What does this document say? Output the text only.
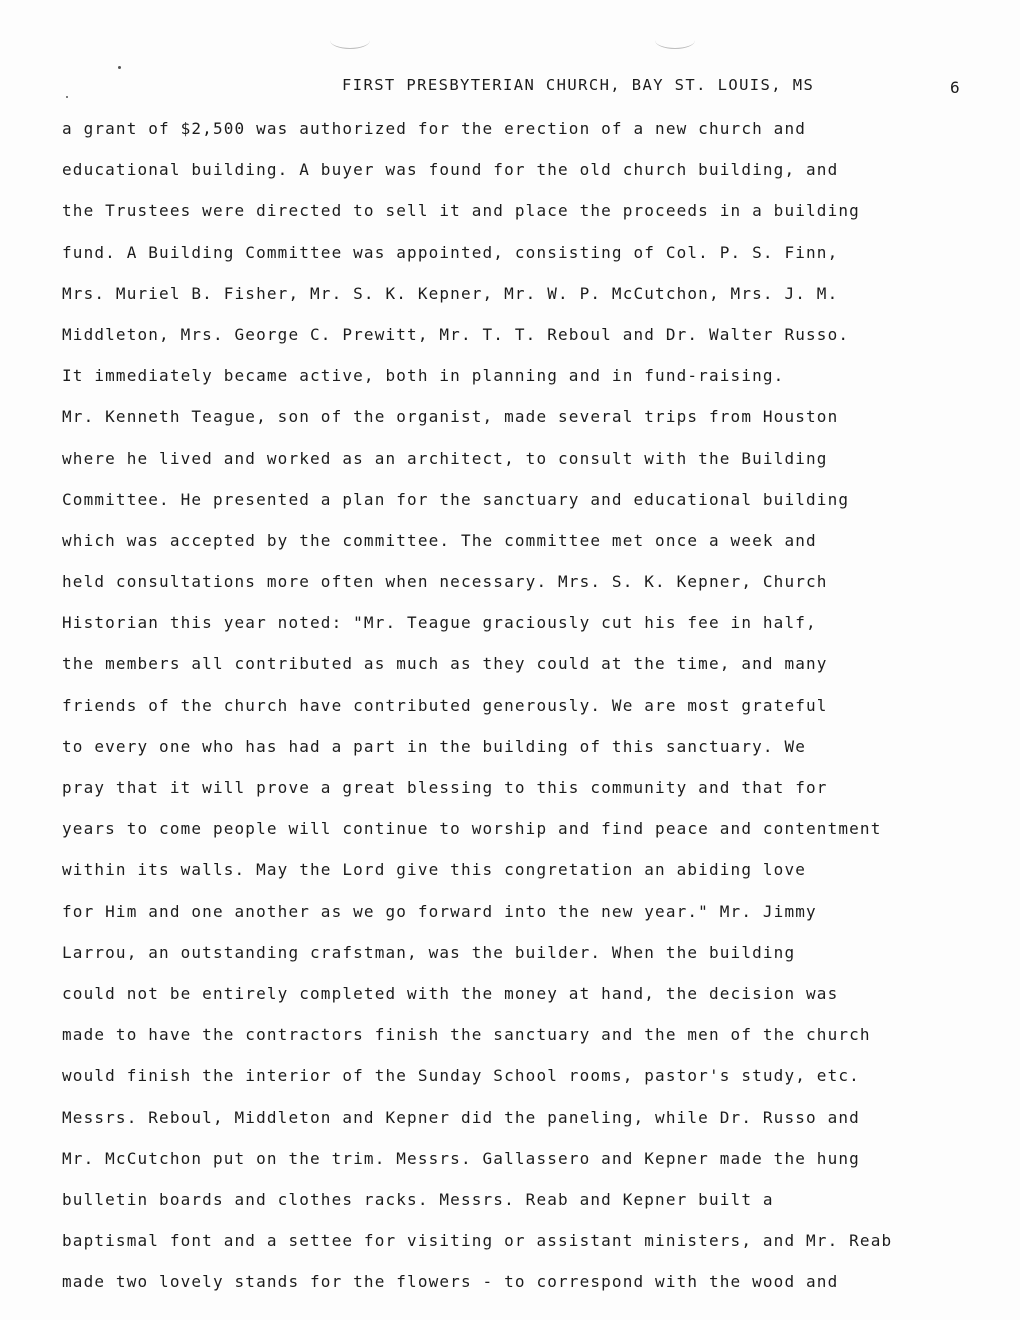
FIRST PRESBYTERIAN CHURCH, BAY ST. LOUIS, MS	6
a grant of $2,500 was authorized for the erection of a new church and
educational building. A buyer was found for the old church building, and
the Trustees were directed to sell it and place the proceeds in a building
fund. A Building Committee was appointed, consisting of Col. P. S. Finn,
Mrs. Muriel B. Fisher, Mr. S. K. Kepner, Mr. W. P. McCutchon, Mrs. J. M.
Middleton, Mrs. George C. Prewitt, Mr. T. T. Reboul and Dr. Walter Russo.
It immediately became active, both in planning and in fund-raising.
Mr. Kenneth Teague, son of the organist, made several trips from Houston
where he lived and worked as an architect, to consult with the Building
Committee. He presented a plan for the sanctuary and educational building
which was accepted by the committee. The committee met once a week and
held consultations more often when necessary. Mrs. S. K. Kepner, Church
Historian this year noted: "Mr. Teague graciously cut his fee in half,
the members all contributed as much as they could at the time, and many
friends of the church have contributed generously. We are most grateful
to every one who has had a part in the building of this sanctuary. We
pray that it will prove a great blessing to this community and that for
years to come people will continue to worship and find peace and contentment
within its walls. May the Lord give this congretation an abiding love
for Him and one another as we go forward into the new year." Mr. Jimmy
Larrou, an outstanding crafstman, was the builder. When the building
could not be entirely completed with the money at hand, the decision was
made to have the contractors finish the sanctuary and the men of the church
would finish the interior of the Sunday School rooms, pastor's study, etc.
Messrs. Reboul, Middleton and Kepner did the paneling, while Dr. Russo and
Mr. McCutchon put on the trim. Messrs. Gallassero and Kepner made the hung
bulletin boards and clothes racks. Messrs. Reab and Kepner built a
baptismal font and a settee for visiting or assistant ministers, and Mr. Reab
made two lovely stands for the flowers - to correspond with the wood and
